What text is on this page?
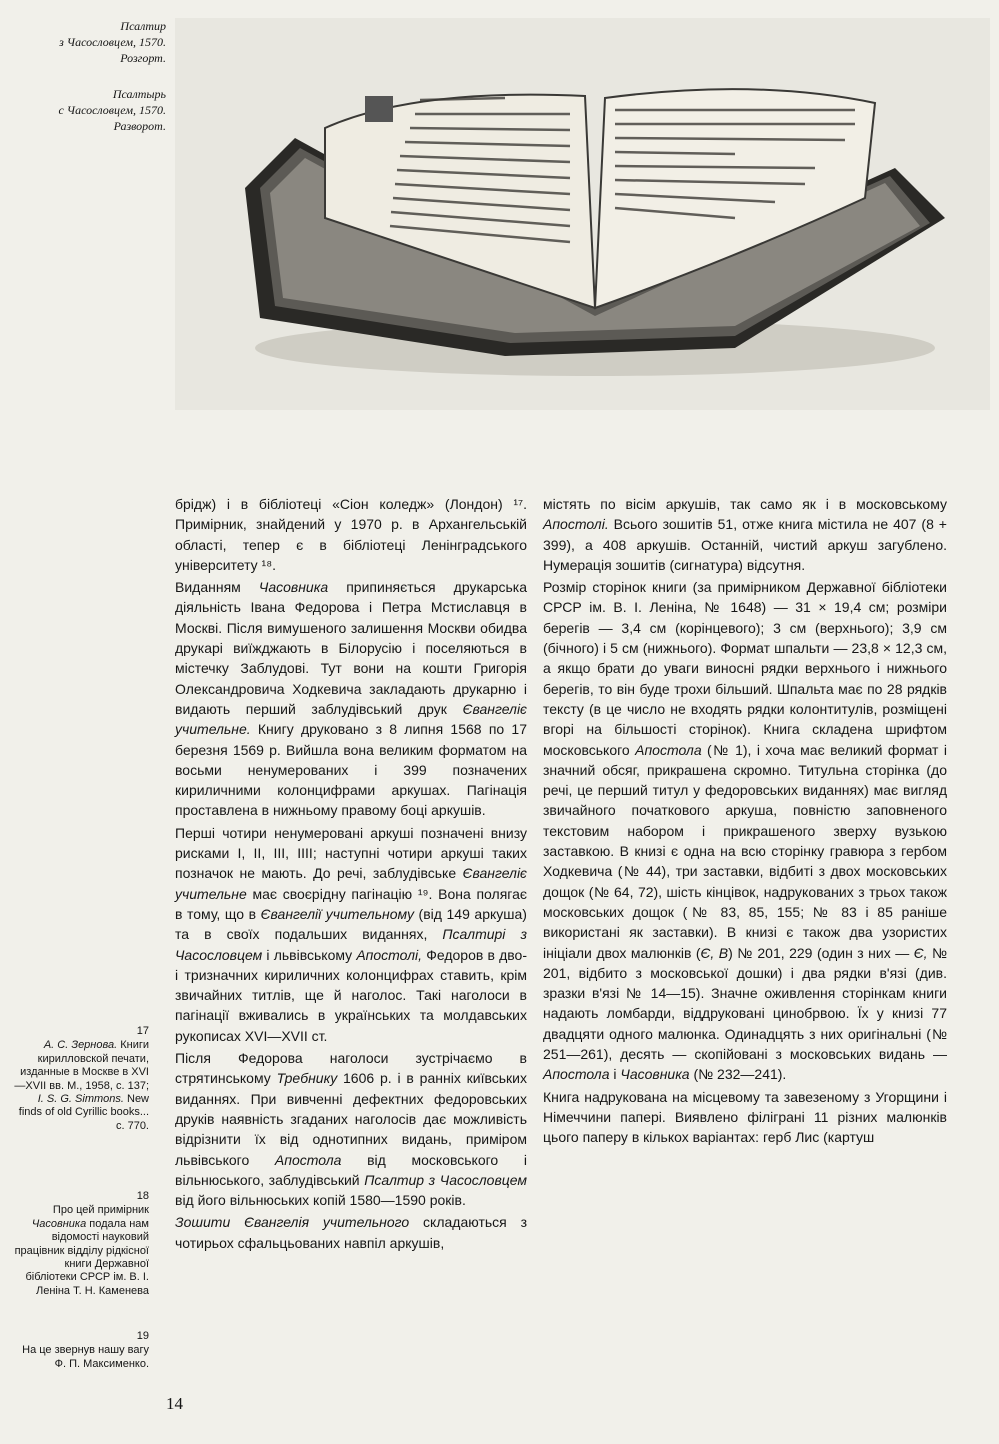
Псалтир
з Часословцем, 1570.
Розгорт.
Псалтырь
с Часословцем, 1570.
Разворот.

брідж) і в бібліотеці «Сіон коледж» (Лондон) ¹⁷. Примірник, знайдений у 1970 р. в Архангельській області, тепер є в бібліотеці Ленінградського університету ¹⁸.

Виданням Часовника припиняється друкарська діяльність Івана Федорова і Петра Мстиславця в Москві. Після вимушеного залишення Москви обидва друкарі виїжджають в Білорусію і поселяються в містечку Заблудові. Тут вони на кошти Григорія Олександровича Ходкевича закладають друкарню і видають перший заблудівський друк Євангеліє учительне. Книгу друковано з 8 липня 1568 по 17 березня 1569 р. Вийшла вона великим форматом на восьми ненумерованих і 399 позначених кириличними колонцифрами аркушах. Пагінація проставлена в нижньому правому боці аркушів.

Перші чотири ненумеровані аркуші позначені внизу рисками I, II, III, IIII; наступні чотири аркуші таких позначок не мають. До речі, заблудівське Євангеліє учительне має своєрідну пагінацію ¹⁹. Вона полягає в тому, що в Євангелії учительному (від 149 аркуша) та в своїх подальших виданнях, Псалтирі з Часословцем і львівському Апостолі, Федоров в дво- і тризначних кириличних колонцифрах ставить, крім звичайних титлів, ще й наголос. Такі наголоси в пагінації вживались в українських та молдавських рукописах XVI—XVII ст.

Після Федорова наголоси зустрічаємо в стрятинському Требнику 1606 р. і в ранніх київських виданнях. При вивченні дефектних федоровських друків наявність згаданих наголосів дає можливість відрізнити їх від однотипних видань, приміром львівського Апостола від московського і вільнюського, заблудівський Псалтир з Часословцем від його вільнюських копій 1580—1590 років.

Зошити Євангелія учительного складаються з чотирьох сфальцьованих навпіл аркушів,

містять по вісім аркушів, так само як і в московському Апостолі. Всього зошитів 51, отже книга містила не 407 (8 + 399), а 408 аркушів. Останній, чистий аркуш загублено. Нумерація зошитів (сигнатура) відсутня.

Розмір сторінок книги (за примірником Державної бібліотеки СРСР ім. В. І. Леніна, № 1648) — 31 × 19,4 см; розміри берегів — 3,4 см (корінцевого); 3 см (верхнього); 3,9 см (бічного) і 5 см (нижнього). Формат шпальти — 23,8 × 12,3 см, а якщо брати до уваги виносні рядки верхнього і нижнього берегів, то він буде трохи більший. Шпальта має по 28 рядків тексту (в це число не входять рядки колонтитулів, розміщені вгорі на більшості сторінок). Книга складена шрифтом московського Апостола (№ 1), і хоча має великий формат і значний обсяг, прикрашена скромно. Титульна сторінка (до речі, це перший титул у федоровських виданнях) має вигляд звичайного початкового аркуша, повністю заповненого текстовим набором і прикрашеного зверху вузькою заставкою. В книзі є одна на всю сторінку гравюра з гербом Ходкевича (№ 44), три заставки, відбиті з двох московських дощок (№ 64, 72), шість кінцівок, надрукованих з трьох також московських дощок (№ 83, 85, 155; № 83 і 85 раніше використані як заставки). В книзі є також два узористих ініціали двох малюнків (Є, В) № 201, 229 (один з них — Є, № 201, відбито з московської дошки) і два рядки в'язі (див. зразки в'язі № 14—15). Значне оживлення сторінкам книги надають ломбарди, віддруковані цинобрвою. Їх у книзі 77 двадцяти одного малюнка. Одинадцять з них оригінальні (№ 251—261), десять — скопійовані з московських видань — Апостола і Часовника (№ 232—241).

Книга надрукована на місцевому та завезеному з Угорщини і Німеччини папері. Виявлено філіграні 11 різних малюнків цього паперу в кількох варіантах: герб Лис (картуш

17
А. С. Зернова. Книги кирилловской печати, изданные в Москве в XVI—XVII вв. М., 1958, с. 137; I. S. G. Simmons. New finds of old Cyrillic books... с. 770.
18
Про цей примірник Часовника подала нам відомості науковий працівник відділу рідкісної книги Державної бібліотеки СРСР ім. В. І. Леніна Т. Н. Каменева
19
На це звернув нашу вагу Ф. П. Максименко.
14
